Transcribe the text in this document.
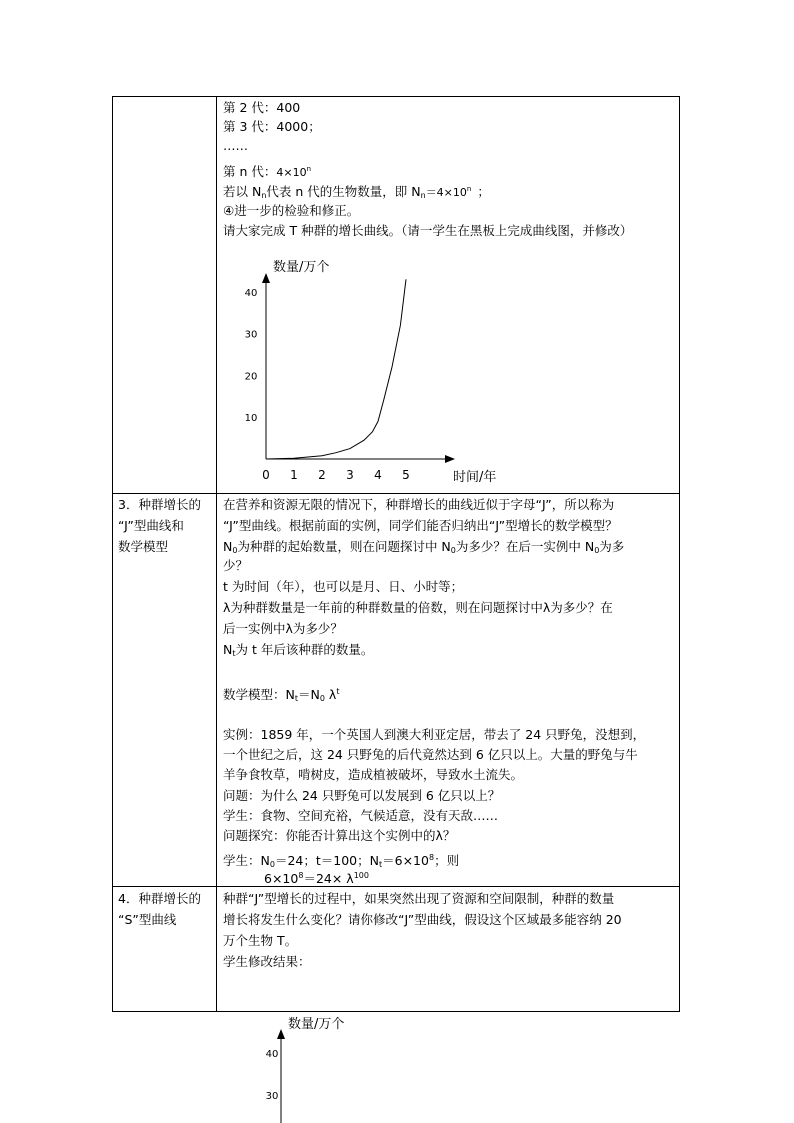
第 2 代：400
第 3 代：4000；
……
第 n 代：$4\times 10^n$
若以 $N_n$代表 n 代的生物数量，即 $N_n=4\times 10^n$ ；
④进一步的检验和修正。
请大家完成 T 种群的增长曲线。（请一学生在黑板上完成曲线图，并修改）
数量/万个
时间/年
10
20
30
40
0 1 2 3 4 5
3．种群增长的
“J”型曲线和
数学模型
在营养和资源无限的情况下，种群增长的曲线近似于字母“J”，所以称为
“J”型曲线。根据前面的实例，同学们能否归纳出“J”型增长的数学模型？
$N_0$为种群的起始数量，则在问题探讨中 $N_0$为多少？在后一实例中 $N_0$为多
少？
t 为时间（年），也可以是月、日、小时等；
λ为种群数量是一年前的种群数量的倍数，则在问题探讨中λ为多少？在
后一实例中λ为多少？
$N_t$为 t 年后该种群的数量。
数学模型：$N_t=N_0$ $\lambda^t$
实例：1859 年，一个英国人到澳大利亚定居，带去了 24 只野兔，没想到，
一个世纪之后，这 24 只野兔的后代竟然达到 6 亿只以上。大量的野兔与牛
羊争食牧草，啃树皮，造成植被破坏，导致水土流失。
问题：为什么 24 只野兔可以发展到 6 亿只以上？
学生：食物、空间充裕，气候适意，没有天敌……
问题探究：你能否计算出这个实例中的λ？
学生：$N_0=24$；t＝100；$N_t=6\times 10^8$；则
$6\times 10^8=24\times \lambda^{100}$
4．种群增长的
“S”型曲线
种群“J”型增长的过程中，如果突然出现了资源和空间限制，种群的数量
增长将发生什么变化？请你修改“J”型曲线，假设这个区域最多能容纳 20
万个生物 T。
学生修改结果：
数量/万个
40
30
